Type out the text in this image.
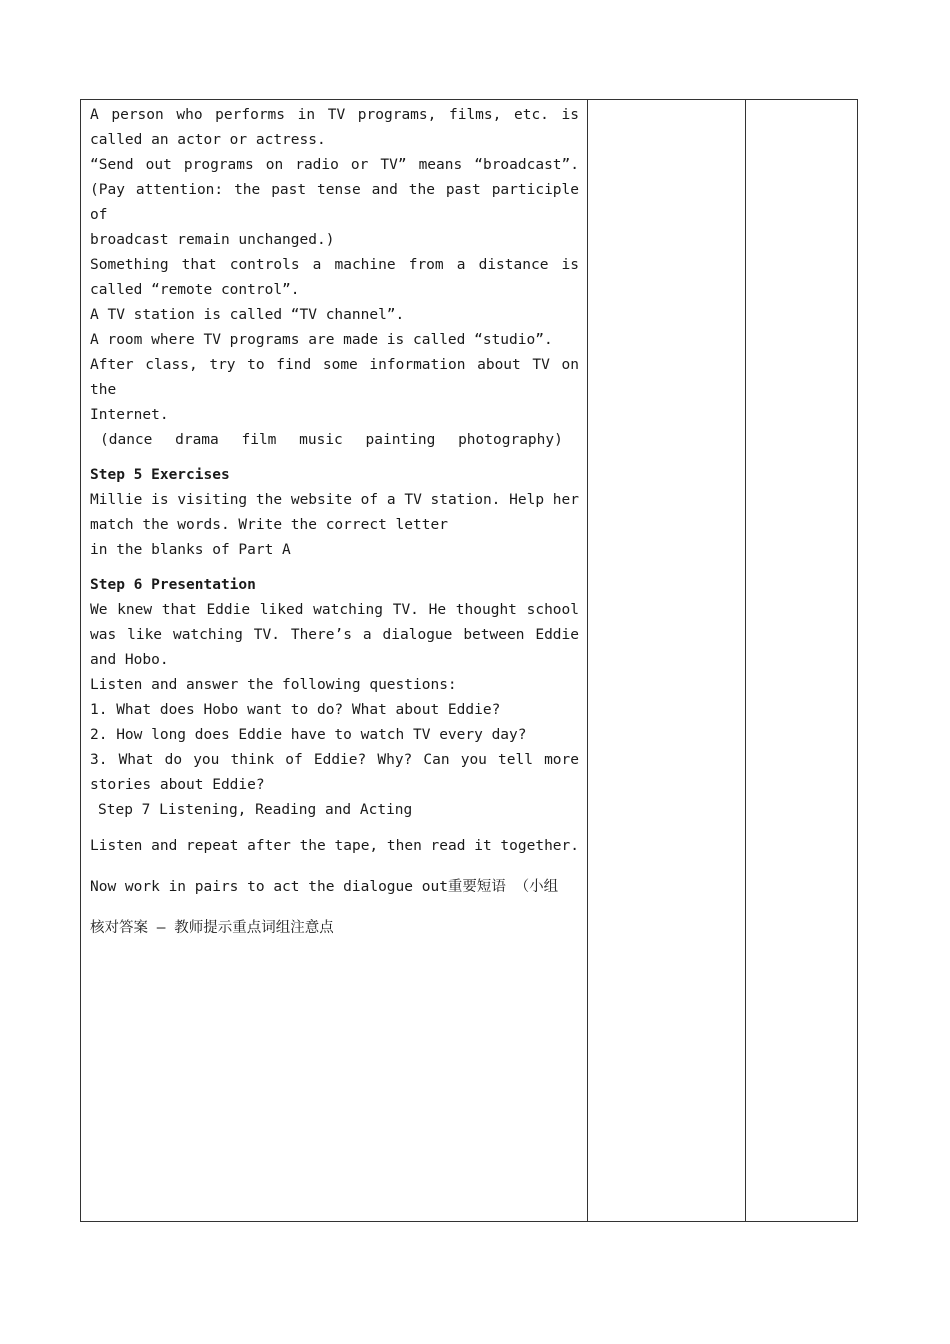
A person who performs in TV programs, films, etc. is

called an actor or actress.

“Send out programs on radio or TV” means “broadcast”.

(Pay attention: the past tense and the past participle of

broadcast remain unchanged.)

Something that controls a machine from a distance is

called “remote control”.

A TV station is called “TV channel”.

A room where TV programs are made is called “studio”.

After class, try to find some information about TV on the

Internet.

(dance drama film music painting photography)

Step 5 Exercises

Millie is visiting the website of a TV station. Help her

match the words. Write the correct letter

in the blanks of Part A

Step 6 Presentation

We knew that Eddie liked watching TV. He thought school

was like watching TV. There’s a dialogue between Eddie

and Hobo.

Listen and answer the following questions:

1. What does Hobo want to do? What about Eddie?

2. How long does Eddie have to watch TV every day?

3. What do you think of Eddie? Why? Can you tell more

stories about Eddie?

Step 7 Listening, Reading and Acting

Listen and repeat after the tape, then read it together.

Now work in pairs to act the dialogue out重要短语 （小组

核对答案 – 教师提示重点词组注意点
